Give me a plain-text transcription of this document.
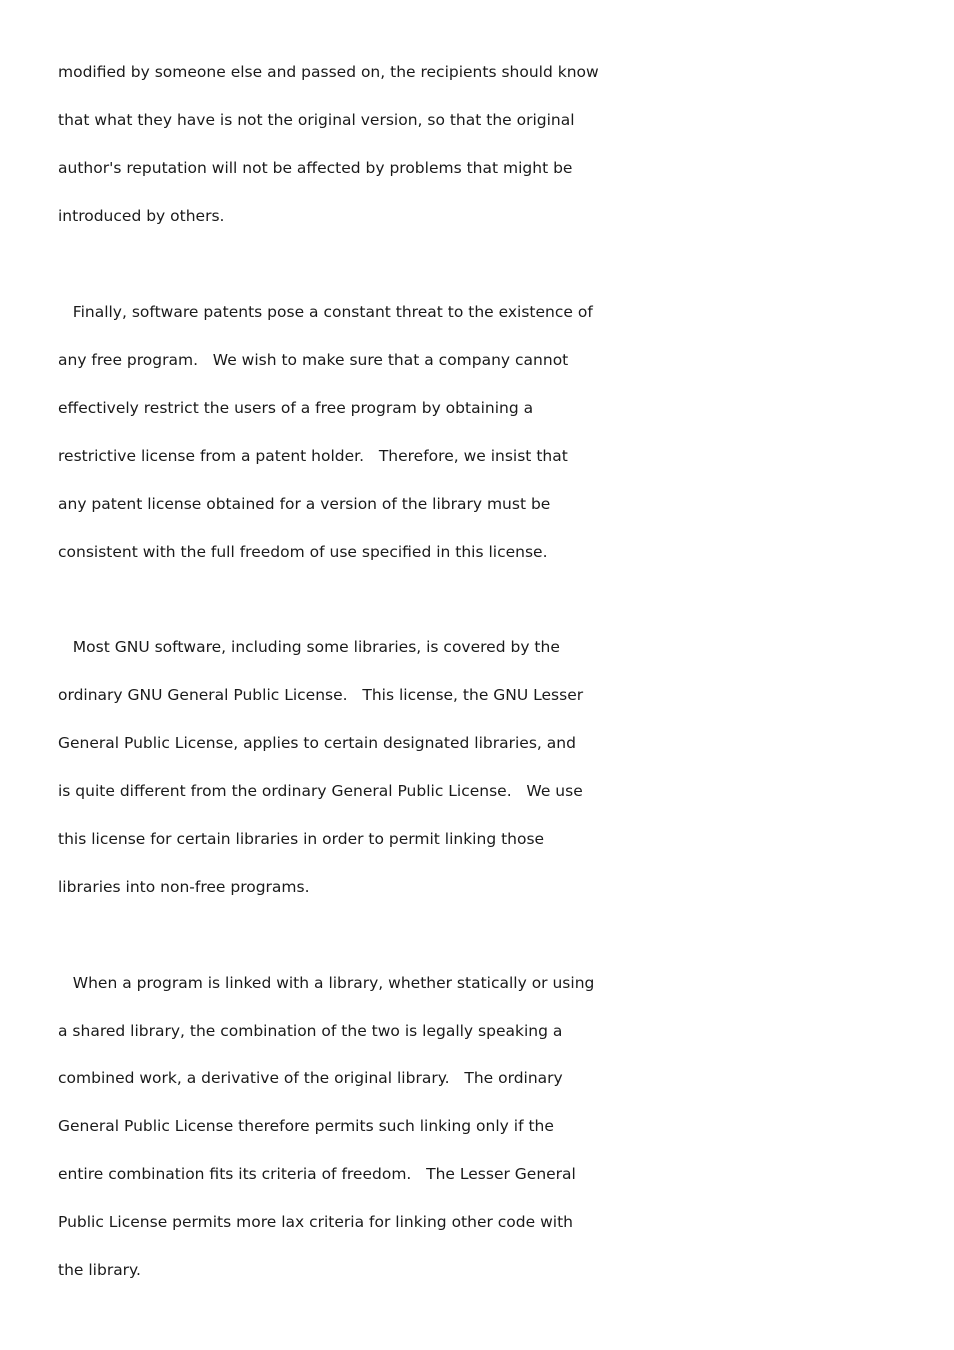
modified by someone else and passed on, the recipients should know
that what they have is not the original version, so that the original
author's reputation will not be affected by problems that might be
introduced by others.
Finally, software patents pose a constant threat to the existence of
any free program.   We wish to make sure that a company cannot
effectively restrict the users of a free program by obtaining a
restrictive license from a patent holder.   Therefore, we insist that
any patent license obtained for a version of the library must be
consistent with the full freedom of use specified in this license.
Most GNU software, including some libraries, is covered by the
ordinary GNU General Public License.   This license, the GNU Lesser
General Public License, applies to certain designated libraries, and
is quite different from the ordinary General Public License.   We use
this license for certain libraries in order to permit linking those
libraries into non-free programs.
When a program is linked with a library, whether statically or using
a shared library, the combination of the two is legally speaking a
combined work, a derivative of the original library.   The ordinary
General Public License therefore permits such linking only if the
entire combination fits its criteria of freedom.   The Lesser General
Public License permits more lax criteria for linking other code with
the library.
